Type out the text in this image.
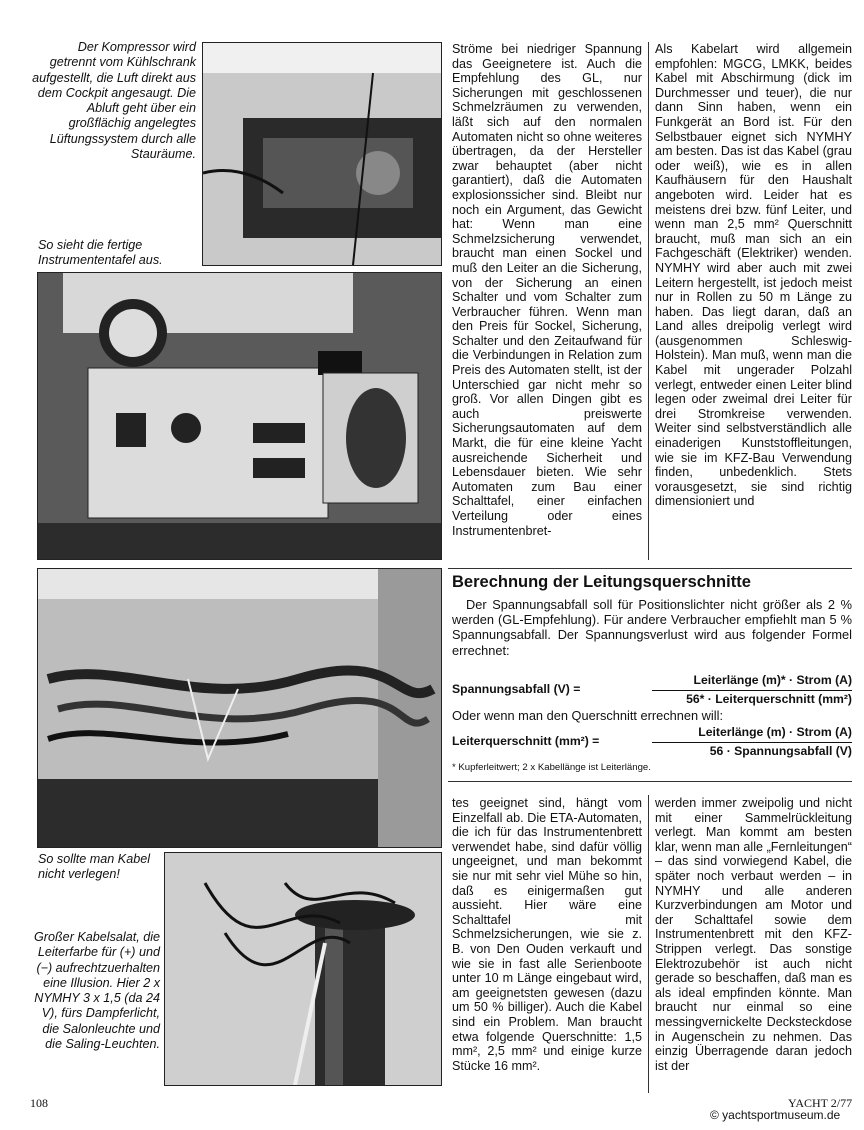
Der Kompressor wird getrennt vom Kühlschrank aufgestellt, die Luft direkt aus dem Cockpit angesaugt. Die Abluft geht über ein großflächig angelegtes Lüftungssystem durch alle Stauräume.
So sieht die fertige Instrumententafel aus.
So sollte man Kabel nicht verlegen!
Großer Kabelsalat, die Leiterfarbe für (+) und (−) aufrechtzuerhalten eine Illusion. Hier 2 x NYMHY 3 x 1,5 (da 24 V), fürs Dampferlicht, die Salonleuchte und die Saling-Leuchten.
Ströme bei niedriger Spannung das Geeignetere ist. Auch die Empfehlung des GL, nur Sicherungen mit geschlossenen Schmelzräumen zu verwenden, läßt sich auf den normalen Automaten nicht so ohne weiteres übertragen, da der Hersteller zwar behauptet (aber nicht garantiert), daß die Automaten explosionssicher sind. Bleibt nur noch ein Argument, das Gewicht hat: Wenn man eine Schmelzsicherung verwendet, braucht man einen Sockel und muß den Leiter an die Sicherung, von der Sicherung an einen Schalter und vom Schalter zum Verbraucher führen. Wenn man den Preis für Sockel, Sicherung, Schalter und den Zeitaufwand für die Verbindungen in Relation zum Preis des Automaten stellt, ist der Unterschied gar nicht mehr so groß. Vor allen Dingen gibt es auch preiswerte Sicherungsautomaten auf dem Markt, die für eine kleine Yacht ausreichende Sicherheit und Lebensdauer bieten. Wie sehr Automaten zum Bau einer Schalttafel, einer einfachen Verteilung oder eines Instrumentenbret-
Als Kabelart wird allgemein empfohlen: MGCG, LMKK, beides Kabel mit Abschirmung (dick im Durchmesser und teuer), die nur dann Sinn haben, wenn ein Funkgerät an Bord ist. Für den Selbstbauer eignet sich NYMHY am besten. Das ist das Kabel (grau oder weiß), wie es in allen Kaufhäusern für den Haushalt angeboten wird. Leider hat es meistens drei bzw. fünf Leiter, und wenn man 2,5 mm² Querschnitt braucht, muß man sich an ein Fachgeschäft (Elektriker) wenden. NYMHY wird aber auch mit zwei Leitern hergestellt, ist jedoch meist nur in Rollen zu 50 m Länge zu haben. Das liegt daran, daß an Land alles dreipolig verlegt wird (ausgenommen Schleswig-Holstein). Man muß, wenn man die Kabel mit ungerader Polzahl verlegt, entweder einen Leiter blind legen oder zweimal drei Leiter für drei Stromkreise verwenden. Weiter sind selbstverständlich alle einaderigen Kunststoffleitungen, wie sie im KFZ-Bau Verwendung finden, unbedenklich. Stets vorausgesetzt, sie sind richtig dimensioniert und
Berechnung der Leitungsquerschnitte
Der Spannungsabfall soll für Positionslichter nicht größer als 2 % werden (GL-Empfehlung). Für andere Verbraucher empfiehlt man 5 % Spannungsabfall. Der Spannungsverlust wird aus folgender Formel errechnet:
Spannungsabfall (V) =
Leiterlänge (m)* · Strom (A)
56* · Leiterquerschnitt (mm²)
Oder wenn man den Querschnitt errechnen will:
Leiterquerschnitt (mm²) =
Leiterlänge (m) · Strom (A)
56 · Spannungsabfall (V)
* Kupferleitwert; 2 x Kabellänge ist Leiterlänge.
tes geeignet sind, hängt vom Einzelfall ab. Die ETA-Automaten, die ich für das Instrumentenbrett verwendet habe, sind dafür völlig ungeeignet, und man bekommt sie nur mit sehr viel Mühe so hin, daß es einigermaßen gut aussieht. Hier wäre eine Schalttafel mit Schmelzsicherungen, wie sie z. B. von Den Ouden verkauft und wie sie in fast alle Serienboote unter 10 m Länge eingebaut wird, am geeignetsten gewesen (dazu um 50 % billiger). Auch die Kabel sind ein Problem. Man braucht etwa folgende Querschnitte: 1,5 mm², 2,5 mm² und einige kurze Stücke 16 mm².
werden immer zweipolig und nicht mit einer Sammelrückleitung verlegt. Man kommt am besten klar, wenn man alle „Fernleitungen“ – das sind vorwiegend Kabel, die später noch verbaut werden – in NYMHY und alle anderen Kurzverbindungen am Motor und der Schalttafel sowie dem Instrumentenbrett mit den KFZ-Strippen verlegt. Das sonstige Elektrozubehör ist auch nicht gerade so beschaffen, daß man es als ideal empfinden könnte. Man braucht nur einmal so eine messingvernickelte Decksteckdose in Augenschein zu nehmen. Das einzig Überragende daran jedoch ist der
108	YACHT 2/77
© yachtsportmuseum.de
